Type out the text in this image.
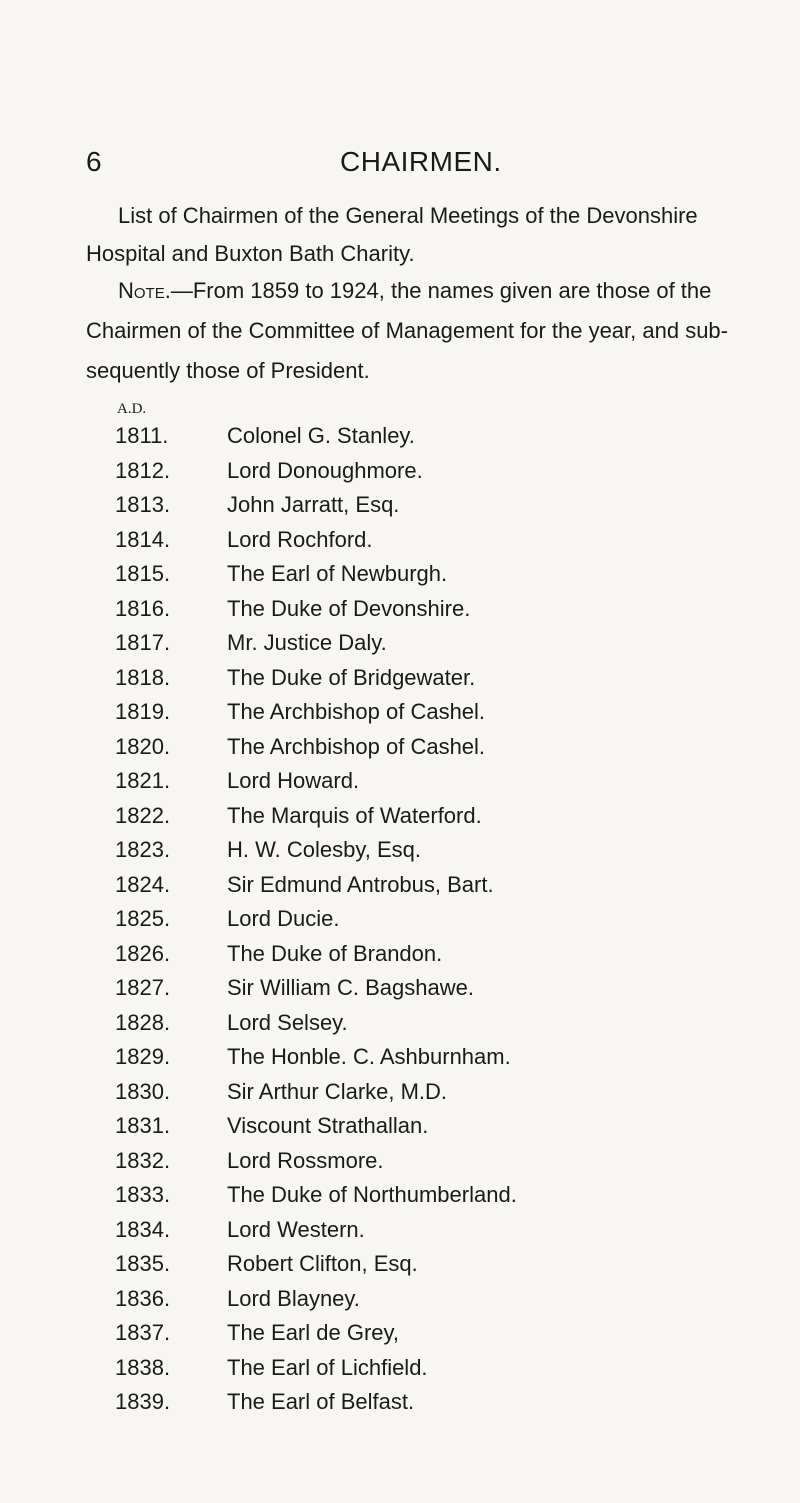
6	CHAIRMEN.

List of Chairmen of the General Meetings of the Devonshire Hospital and Buxton Bath Charity.

Note.—From 1859 to 1924, the names given are those of the Chairmen of the Committee of Management for the year, and sub-sequently those of President.

A.D.
1811.	Colonel G. Stanley.
1812.	Lord Donoughmore.
1813.	John Jarratt, Esq.
1814.	Lord Rochford.
1815.	The Earl of Newburgh.
1816.	The Duke of Devonshire.
1817.	Mr. Justice Daly.
1818.	The Duke of Bridgewater.
1819.	The Archbishop of Cashel.
1820.	The Archbishop of Cashel.
1821.	Lord Howard.
1822.	The Marquis of Waterford.
1823.	H. W. Colesby, Esq.
1824.	Sir Edmund Antrobus, Bart.
1825.	Lord Ducie.
1826.	The Duke of Brandon.
1827.	Sir William C. Bagshawe.
1828.	Lord Selsey.
1829.	The Honble. C. Ashburnham.
1830.	Sir Arthur Clarke, M.D.
1831.	Viscount Strathallan.
1832.	Lord Rossmore.
1833.	The Duke of Northumberland.
1834.	Lord Western.
1835.	Robert Clifton, Esq.
1836.	Lord Blayney.
1837.	The Earl de Grey,
1838.	The Earl of Lichfield.
1839.	The Earl of Belfast.
